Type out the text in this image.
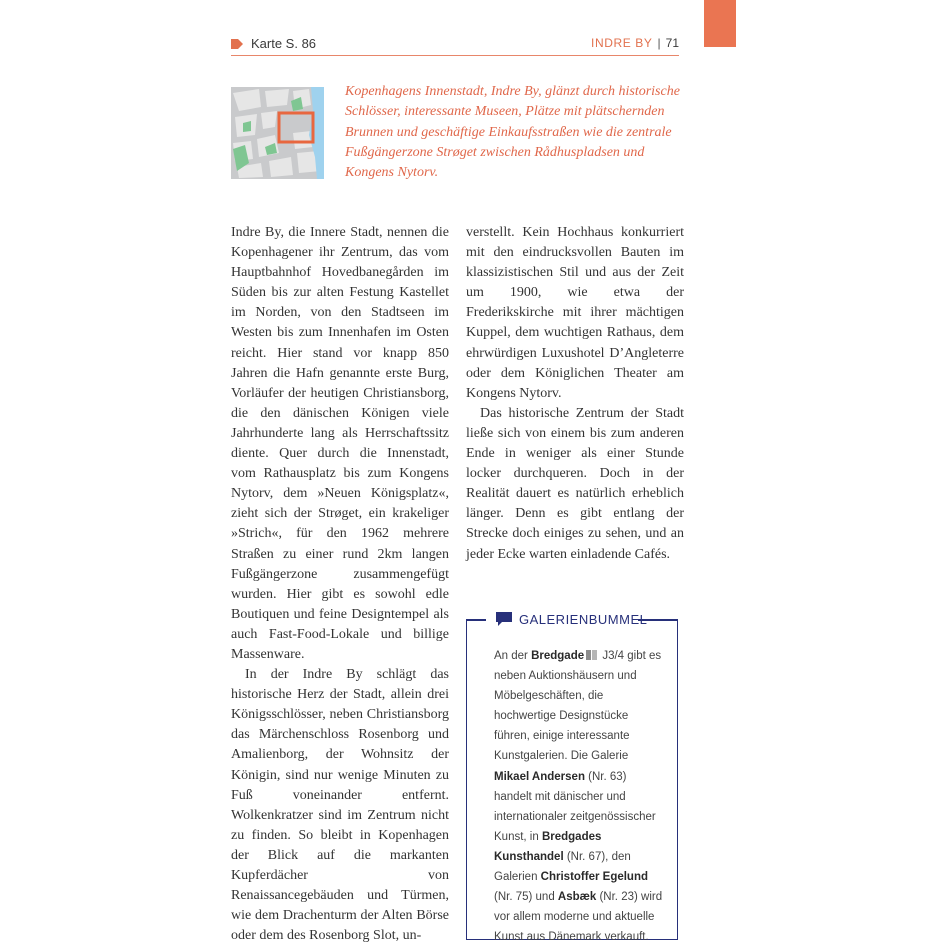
Karte S. 86	INDRE BY | 71

Kopenhagens Innenstadt, Indre By, glänzt durch historische Schlösser, interessante Museen, Plätze mit plätschernden Brunnen und geschäftige Einkaufsstraßen wie die zentrale Fußgängerzone Strøget zwischen Rådhuspladsen und Kongens Nytorv.

Indre By, die Innere Stadt, nennen die Kopenhagener ihr Zentrum, das vom Hauptbahnhof Hovedbanegården im Süden bis zur alten Festung Kastellet im Norden, von den Stadtseen im Westen bis zum Innenhafen im Osten reicht. Hier stand vor knapp 850 Jahren die Hafn genannte erste Burg, Vorläufer der heutigen Christiansborg, die den dänischen Königen viele Jahrhunderte lang als Herrschaftssitz diente. Quer durch die Innenstadt, vom Rathausplatz bis zum Kongens Nytorv, dem »Neuen Königsplatz«, zieht sich der Strøget, ein krakeliger »Strich«, für den 1962 mehrere Straßen zu einer rund 2km langen Fußgängerzone zusammengefügt wurden. Hier gibt es sowohl edle Boutiquen und feine Designtempel als auch Fast-Food-Lokale und billige Massenware.

In der Indre By schlägt das historische Herz der Stadt, allein drei Königsschlösser, neben Christiansborg das Märchenschloss Rosenborg und Amalienborg, der Wohnsitz der Königin, sind nur wenige Minuten zu Fuß voneinander entfernt. Wolkenkratzer sind im Zentrum nicht zu finden. So bleibt in Kopenhagen der Blick auf die markanten Kupferdächer von Renaissancegebäuden und Türmen, wie dem Drachenturm der Alten Börse oder dem des Rosenborg Slot, un-

verstellt. Kein Hochhaus konkurriert mit den eindrucksvollen Bauten im klassizistischen Stil und aus der Zeit um 1900, wie etwa der Frederikskirche mit ihrer mächtigen Kuppel, dem wuchtigen Rathaus, dem ehrwürdigen Luxushotel D’Angleterre oder dem Königlichen Theater am Kongens Nytorv.

Das historische Zentrum der Stadt ließe sich von einem bis zum anderen Ende in weniger als einer Stunde locker durchqueren. Doch in der Realität dauert es natürlich erheblich länger. Denn es gibt entlang der Strecke doch einiges zu sehen, und an jeder Ecke warten einladende Cafés.

GALERIENBUMMEL

An der Bredgade J3/4 gibt es neben Auktionshäusern und Möbelgeschäften, die hochwertige Designstücke führen, einige interessante Kunstgalerien. Die Galerie Mikael Andersen (Nr. 63) handelt mit dänischer und internationaler zeitgenössischer Kunst, in Bredgades Kunsthandel (Nr. 67), den Galerien Christoffer Egelund (Nr. 75) und Asbæk (Nr. 23) wird vor allem moderne und aktuelle Kunst aus Dänemark verkauft.
